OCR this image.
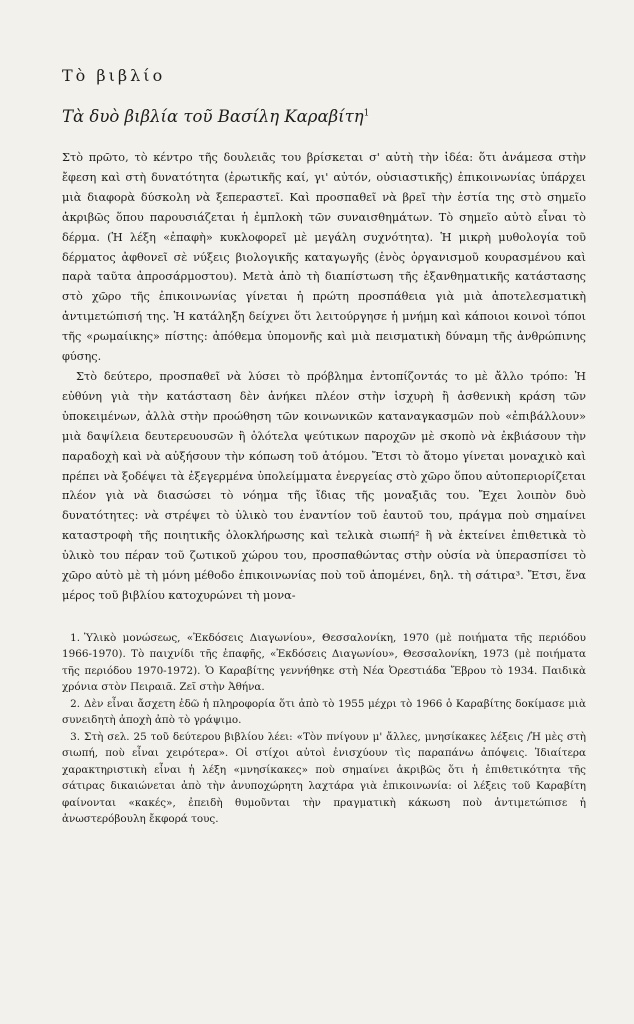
Τὸ βιβλίο
Τὰ δυὸ βιβλία τοῦ Βασίλη Καραβίτη$^1$

Στὸ πρῶτο, τὸ κέντρο τῆς δουλειᾶς του βρίσκεται σ' αὐτὴ τὴν ἰδέα: ὅτι ἀνάμεσα στὴν ἔφεση καὶ στὴ δυνατότητα (ἐρωτικῆς καί, γι' αὐτόν, οὐσιαστικῆς) ἐπικοινωνίας ὑπάρχει μιὰ διαφορὰ δύσκολη νὰ ξεπεραστεῖ. Καὶ προσπαθεῖ νὰ βρεῖ τὴν ἑστία της στὸ σημεῖο ἀκριβῶς ὅπου παρουσιάζεται ἡ ἐμπλοκὴ τῶν συναισθημάτων. Τὸ σημεῖο αὐτὸ εἶναι τὸ δέρμα. (Ἡ λέξη «ἐπαφὴ» κυκλοφορεῖ μὲ μεγάλη συχνότητα). Ἡ μικρὴ μυθολογία τοῦ δέρματος ἀφθονεῖ σὲ νύξεις βιολογικῆς καταγωγῆς (ἑνὸς ὀργανισμοῦ κουρασμένου καὶ παρὰ ταῦτα ἀπροσάρμοστου). Μετὰ ἀπὸ τὴ διαπίστωση τῆς ἐξανθηματικῆς κατάστασης στὸ χῶρο τῆς ἐπικοινωνίας γίνεται ἡ πρώτη προσπάθεια γιὰ μιὰ ἀποτελεσματικὴ ἀντιμετώπισή της. Ἡ κατάληξη δείχνει ὅτι λειτούργησε ἡ μνήμη καὶ κάποιοι κοινοὶ τόποι τῆς «ρωμαίικης» πίστης: ἀπόθεμα ὑπομονῆς καὶ μιὰ πεισματικὴ δύναμη τῆς ἀνθρώπινης φύσης.

Στὸ δεύτερο, προσπαθεῖ νὰ λύσει τὸ πρόβλημα ἐντοπίζοντάς το μὲ ἄλλο τρόπο: Ἡ εὐθύνη γιὰ τὴν κατάσταση δὲν ἀνήκει πλέον στὴν ἰσχυρὴ ἢ ἀσθενικὴ κράση τῶν ὑποκειμένων, ἀλλὰ στὴν προώθηση τῶν κοινωνικῶν καταναγκασμῶν ποὺ «ἐπιβάλλουν» μιὰ δαψίλεια δευτερευουσῶν ἢ ὁλότελα ψεύτικων παροχῶν μὲ σκοπὸ νὰ ἐκβιάσουν τὴν παραδοχὴ καὶ νὰ αὐξήσουν τὴν κόπωση τοῦ ἀτόμου. Ἔτσι τὸ ἄτομο γίνεται μοναχικὸ καὶ πρέπει νὰ ξοδέψει τὰ ἐξεγερμένα ὑπολείμματα ἐνεργείας στὸ χῶρο ὅπου αὐτοπεριορίζεται πλέον γιὰ νὰ διασώσει τὸ νόημα τῆς ἴδιας τῆς μοναξιᾶς του. Ἔχει λοιπὸν δυὸ δυνατότητες: νὰ στρέψει τὸ ὑλικὸ του ἐναντίον τοῦ ἑαυτοῦ του, πράγμα ποὺ σημαίνει καταστροφὴ τῆς ποιητικῆς ὁλοκλήρωσης καὶ τελικὰ σιωπή² ἢ νὰ ἐκτείνει ἐπιθετικὰ τὸ ὑλικὸ του πέραν τοῦ ζωτικοῦ χώρου του, προσπαθώντας στὴν οὐσία νὰ ὑπερασπίσει τὸ χῶρο αὐτὸ μὲ τὴ μόνη μέθοδο ἐπικοινωνίας ποὺ τοῦ ἀπομένει, δηλ. τὴ σάτιρα³. Ἔτσι, ἕνα μέρος τοῦ βιβλίου κατοχυρώνει τὴ μονα-

1. Ὑλικὸ μονώσεως, «Ἐκδόσεις Διαγωνίου», Θεσσαλονίκη, 1970 (μὲ ποιήματα τῆς περιόδου 1966-1970). Τὸ παιχνίδι τῆς ἐπαφῆς, «Ἐκδόσεις Διαγωνίου», Θεσσαλονίκη, 1973 (μὲ ποιήματα τῆς περιόδου 1970-1972). Ὁ Καραβίτης γεννήθηκε στὴ Νέα Ὀρεστιάδα Ἔβρου τὸ 1934. Παιδικὰ χρόνια στὸν Πειραιᾶ. Ζεῖ στὴν Ἀθήνα.

2. Δὲν εἶναι ἄσχετη ἐδῶ ἡ πληροφορία ὅτι ἀπὸ τὸ 1955 μέχρι τὸ 1966 ὁ Καραβίτης δοκίμασε μιὰ συνειδητὴ ἀποχὴ ἀπὸ τὸ γράψιμο.

3. Στὴ σελ. 25 τοῦ δεύτερου βιβλίου λέει: «Τὸν πνίγουν μ' ἄλλες, μνησίκακες λέξεις /Ἡ μὲς στὴ σιωπή, ποὺ εἶναι χειρότερα». Οἱ στίχοι αὐτοὶ ἐνισχύουν τὶς παραπάνω ἀπόψεις. Ἰδιαίτερα χαρακτηριστικὴ εἶναι ἡ λέξη «μνησίκακες» ποὺ σημαίνει ἀκριβῶς ὅτι ἡ ἐπιθετικότητα τῆς σάτιρας δικαιώνεται ἀπὸ τὴν ἀνυποχώρητη λαχτάρα γιὰ ἐπικοινωνία: οἱ λέξεις τοῦ Καραβίτη φαίνονται «κακές», ἐπειδὴ θυμοῦνται τὴν πραγματικὴ κάκωση ποὺ ἀντιμετώπισε ἡ ἀνωστερόβουλη ἔκφορά τους.
